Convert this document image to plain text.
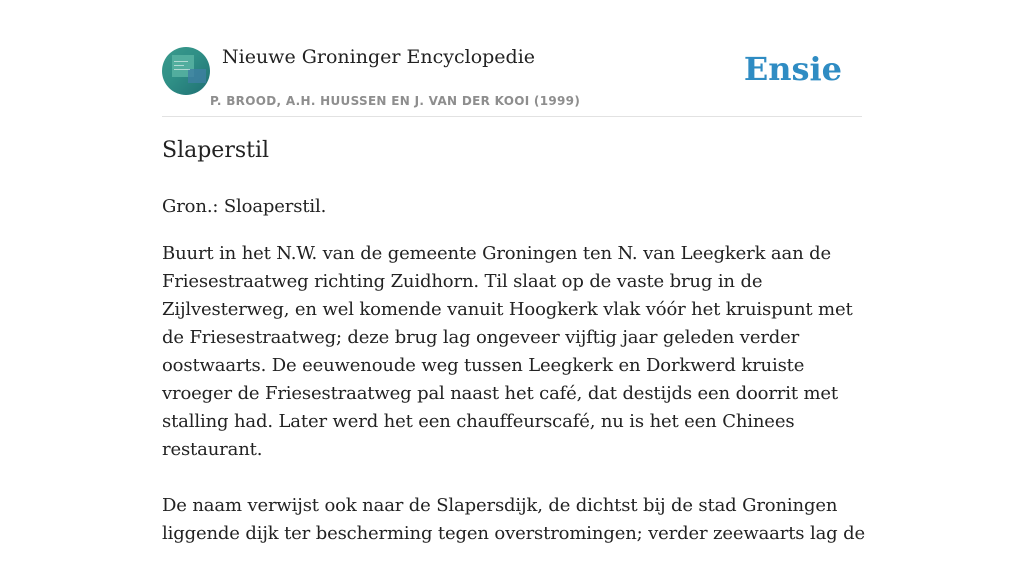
Nieuwe Groninger Encyclopedie
P. BROOD, A.H. HUUSSEN EN J. VAN DER KOOI (1999)
Ensie
Slaperstil

Gron.: Sloaperstil.

Buurt in het N.W. van de gemeente Groningen ten N. van Leegkerk aan de Friesestraatweg richting Zuidhorn. Til slaat op de vaste brug in de Zijlvesterweg, en wel komende vanuit Hoogkerk vlak vóór het kruispunt met de Friesestraatweg; deze brug lag ongeveer vijftig jaar geleden verder oostwaarts. De eeuwenoude weg tussen Leegkerk en Dorkwerd kruiste vroeger de Friesestraatweg pal naast het café, dat destijds een doorrit met stalling had. Later werd het een chauffeurscafé, nu is het een Chinees restaurant.

De naam verwijst ook naar de Slapersdijk, de dichtst bij de stad Groningen liggende dijk ter bescherming tegen overstromingen; verder zeewaarts lag de
